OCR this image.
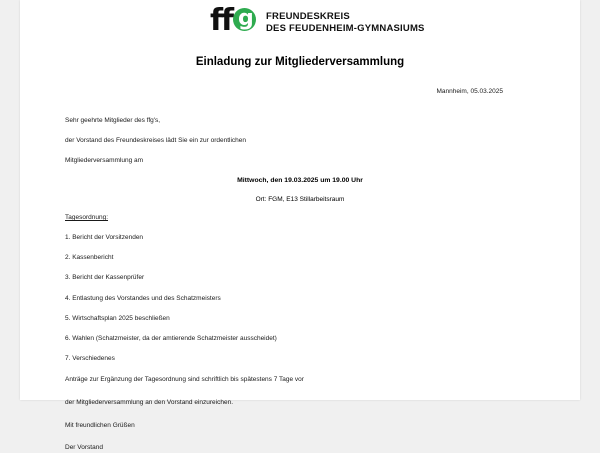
ff g FREUNDESKREIS
DES FEUDENHEIM-GYMNASIUMS
Einladung zur Mitgliederversammlung
Mannheim, 05.03.2025

Sehr geehrte Mitglieder des ffg's,

der Vorstand des Freundeskreises lädt Sie ein zur ordentlichen

Mitgliederversammlung am

Mittwoch, den 19.03.2025 um 19.00 Uhr
Ort: FGM, E13 Stillarbeitsraum
Tagesordnung:
1. Bericht der Vorsitzenden
2. Kassenbericht
3. Bericht der Kassenprüfer
4. Entlastung des Vorstandes und des Schatzmeisters
5. Wirtschaftsplan 2025 beschließen
6. Wahlen (Schatzmeister, da der amtierende Schatzmeister ausscheidet)
7. Verschiedenes

Anträge zur Ergänzung der Tagesordnung sind schriftlich bis spätestens 7 Tage vor

der Mitgliederversammlung an den Vorstand einzureichen.

Mit freundlichen Grüßen

Der Vorstand
